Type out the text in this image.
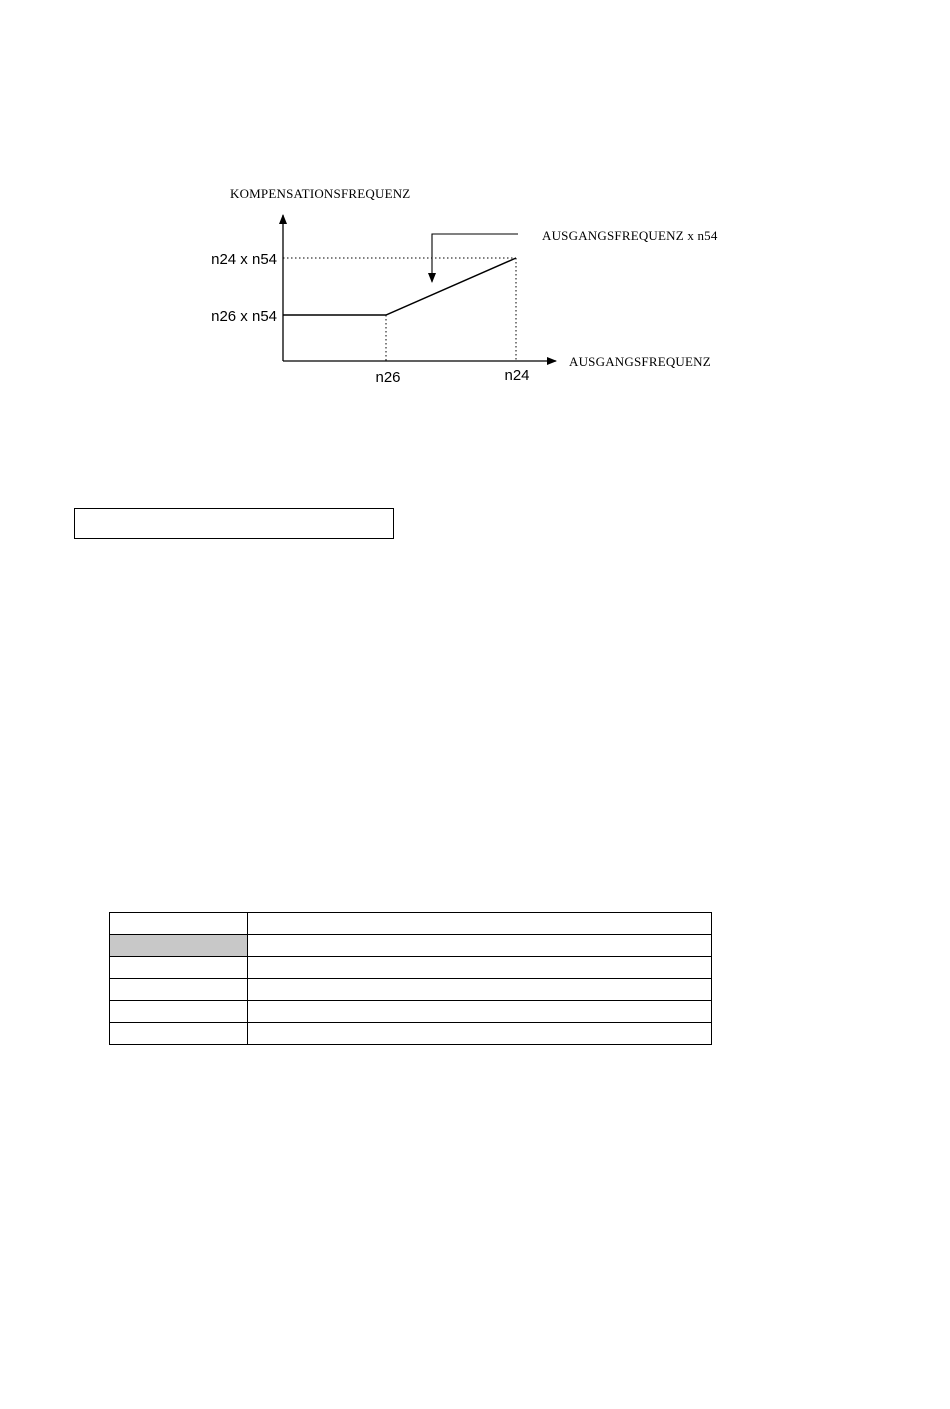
KOMPENSATIONSFREQUENZ
AUSGANGSFREQUENZ x n54
AUSGANGSFREQUENZ
n24 x n54
n26 x n54
n26	n24
